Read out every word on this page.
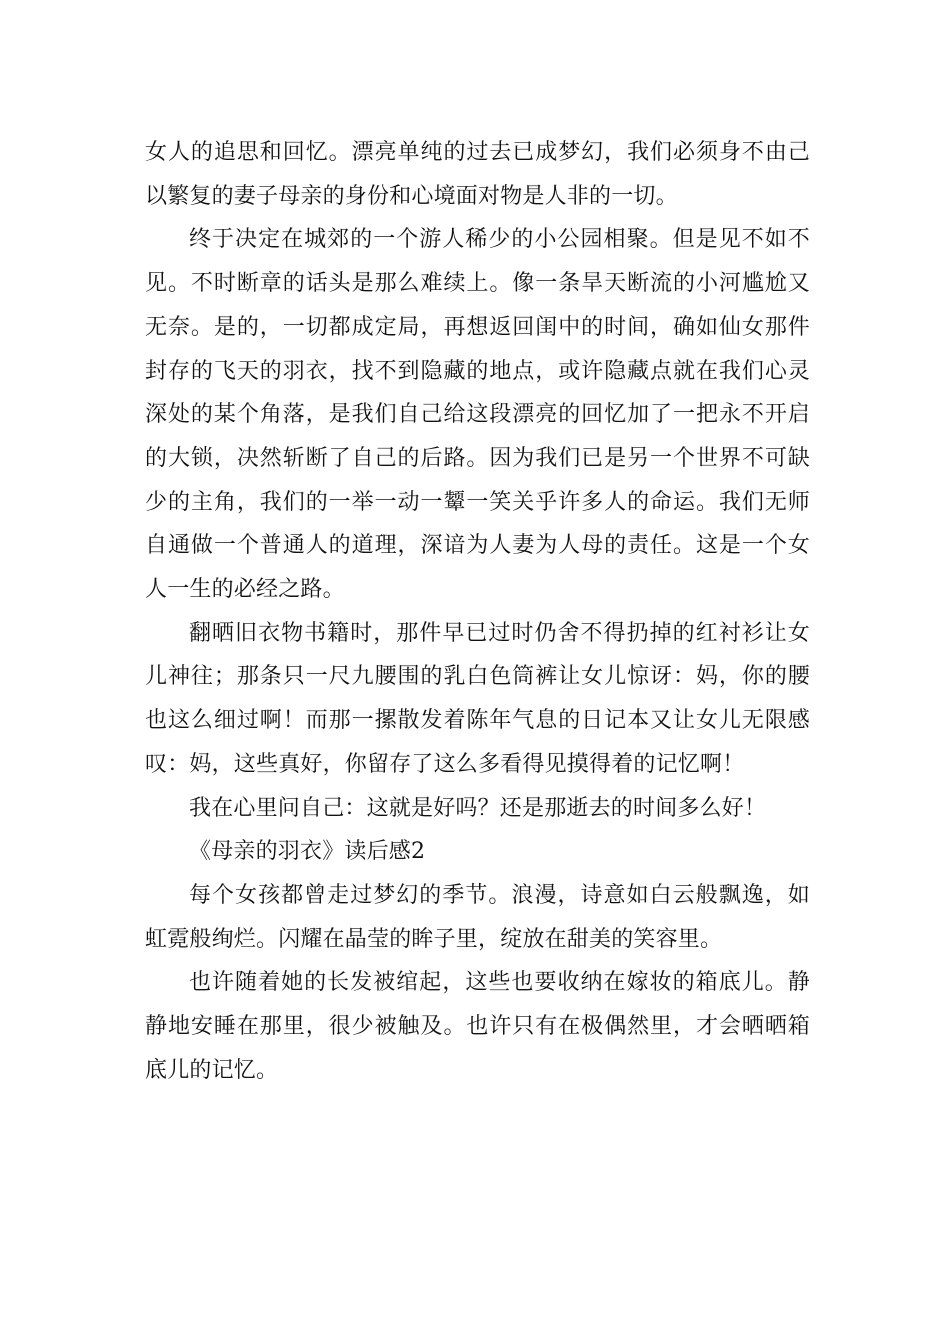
女人的追思和回忆。漂亮单纯的过去已成梦幻，我们必须身不由己以繁复的妻子母亲的身份和心境面对物是人非的一切。

终于决定在城郊的一个游人稀少的小公园相聚。但是见不如不见。不时断章的话头是那么难续上。像一条旱天断流的小河尴尬又无奈。是的，一切都成定局，再想返回闺中的时间，确如仙女那件封存的飞天的羽衣，找不到隐藏的地点，或许隐藏点就在我们心灵深处的某个角落，是我们自己给这段漂亮的回忆加了一把永不开启的大锁，决然斩断了自己的后路。因为我们已是另一个世界不可缺少的主角，我们的一举一动一颦一笑关乎许多人的命运。我们无师自通做一个普通人的道理，深谙为人妻为人母的责任。这是一个女人一生的必经之路。

翻晒旧衣物书籍时，那件早已过时仍舍不得扔掉的红衬衫让女儿神往；那条只一尺九腰围的乳白色筒裤让女儿惊讶：妈，你的腰也这么细过啊！而那一摞散发着陈年气息的日记本又让女儿无限感叹：妈，这些真好，你留存了这么多看得见摸得着的记忆啊！

我在心里问自己：这就是好吗？还是那逝去的时间多么好！

《母亲的羽衣》读后感2

每个女孩都曾走过梦幻的季节。浪漫，诗意如白云般飘逸，如虹霓般绚烂。闪耀在晶莹的眸子里，绽放在甜美的笑容里。

也许随着她的长发被绾起，这些也要收纳在嫁妆的箱底儿。静静地安睡在那里，很少被触及。也许只有在极偶然里，才会晒晒箱底儿的记忆。
